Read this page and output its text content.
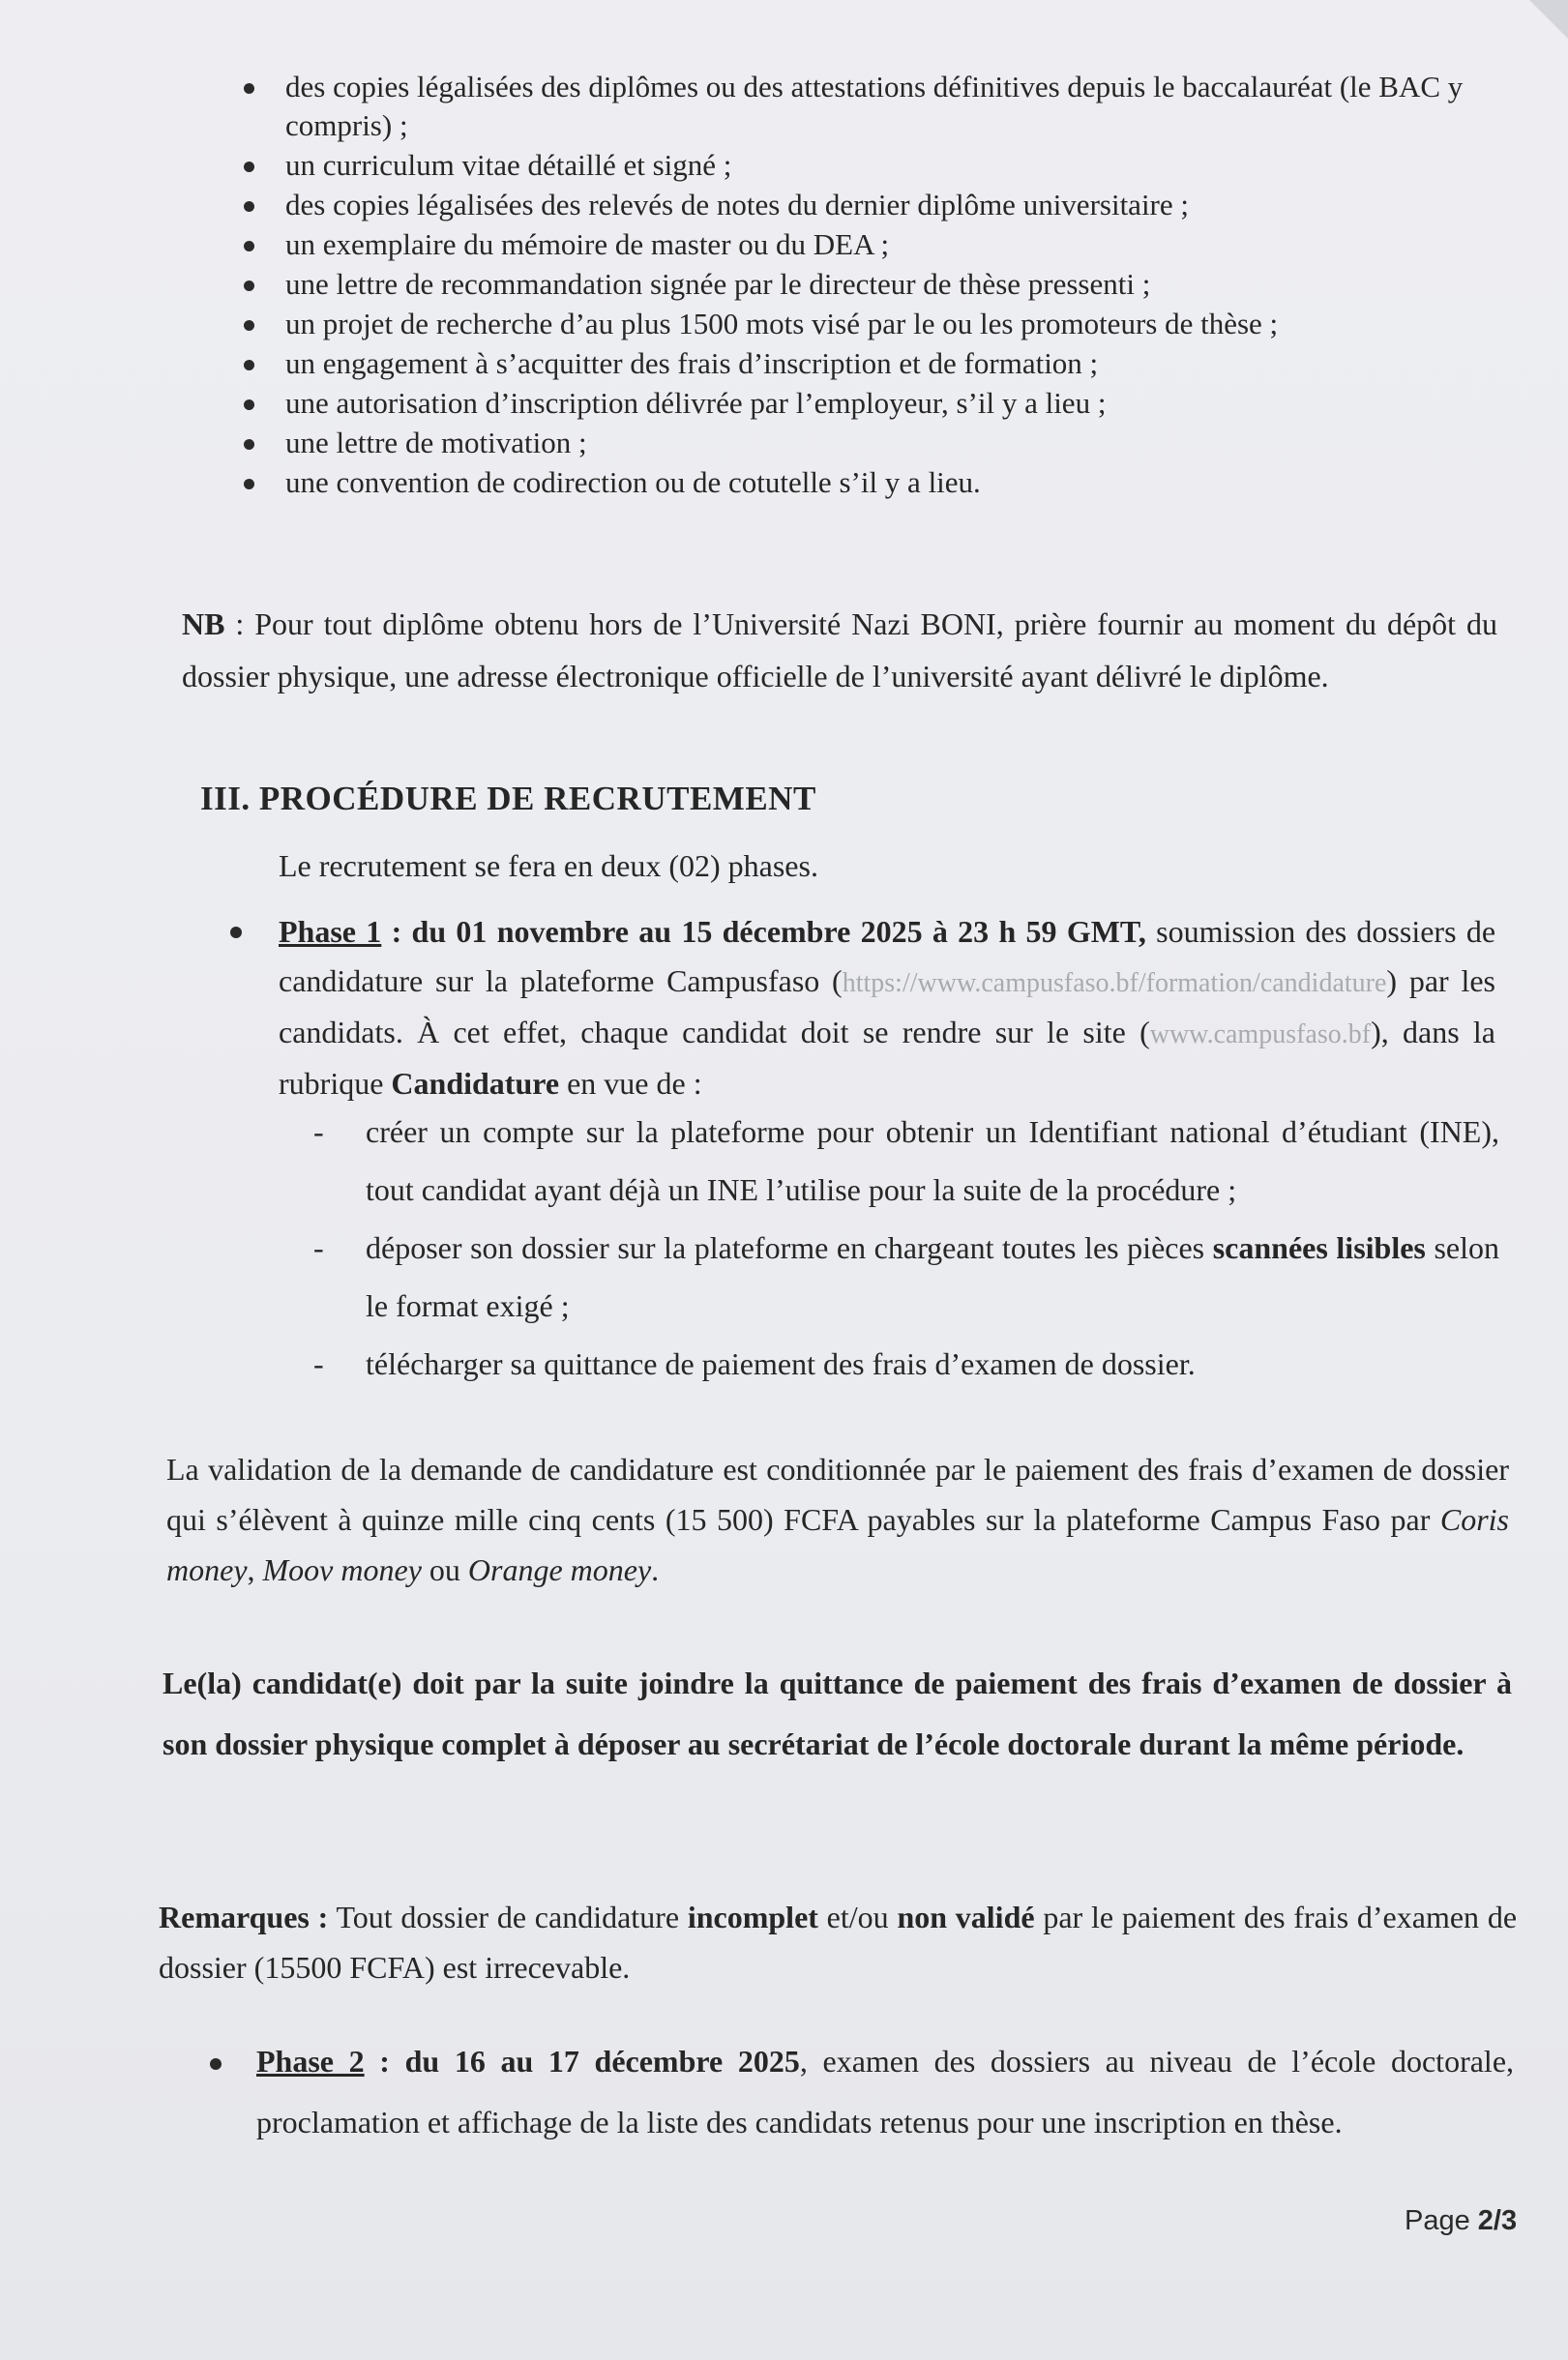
des copies légalisées des diplômes ou des attestations définitives depuis le baccalauréat (le BAC y compris) ;
un curriculum vitae détaillé et signé ;
des copies légalisées des relevés de notes du dernier diplôme universitaire ;
un exemplaire du mémoire de master ou du DEA ;
une lettre de recommandation signée par le directeur de thèse pressenti ;
un projet de recherche d’au plus 1500 mots visé par le ou les promoteurs de thèse ;
un engagement à s’acquitter des frais d’inscription et de formation ;
une autorisation d’inscription délivrée par l’employeur, s’il y a lieu ;
une lettre de motivation ;
une convention de codirection ou de cotutelle s’il y a lieu.
NB : Pour tout diplôme obtenu hors de l’Université Nazi BONI, prière fournir au moment du dépôt du dossier physique, une adresse électronique officielle de l’université ayant délivré le diplôme.
III. PROCÉDURE DE RECRUTEMENT
Le recrutement se fera en deux (02) phases.
Phase 1 : du 01 novembre au 15 décembre 2025 à 23 h 59 GMT, soumission des dossiers de candidature sur la plateforme Campusfaso (https://www.campusfaso.bf/formation/candidature) par les candidats. À cet effet, chaque candidat doit se rendre sur le site (www.campusfaso.bf), dans la rubrique Candidature en vue de :
- créer un compte sur la plateforme pour obtenir un Identifiant national d’étudiant (INE), tout candidat ayant déjà un INE l’utilise pour la suite de la procédure ;
- déposer son dossier sur la plateforme en chargeant toutes les pièces scannées lisibles selon le format exigé ;
- télécharger sa quittance de paiement des frais d’examen de dossier.
La validation de la demande de candidature est conditionnée par le paiement des frais d’examen de dossier qui s’élèvent à quinze mille cinq cents (15 500) FCFA payables sur la plateforme Campus Faso par Coris money, Moov money ou Orange money.
Le(la) candidat(e) doit par la suite joindre la quittance de paiement des frais d’examen de dossier à son dossier physique complet à déposer au secrétariat de l’école doctorale durant la même période.
Remarques : Tout dossier de candidature incomplet et/ou non validé par le paiement des frais d’examen de dossier (15500 FCFA) est irrecevable.
Phase 2 : du 16 au 17 décembre 2025, examen des dossiers au niveau de l’école doctorale, proclamation et affichage de la liste des candidats retenus pour une inscription en thèse.
Page 2/3
